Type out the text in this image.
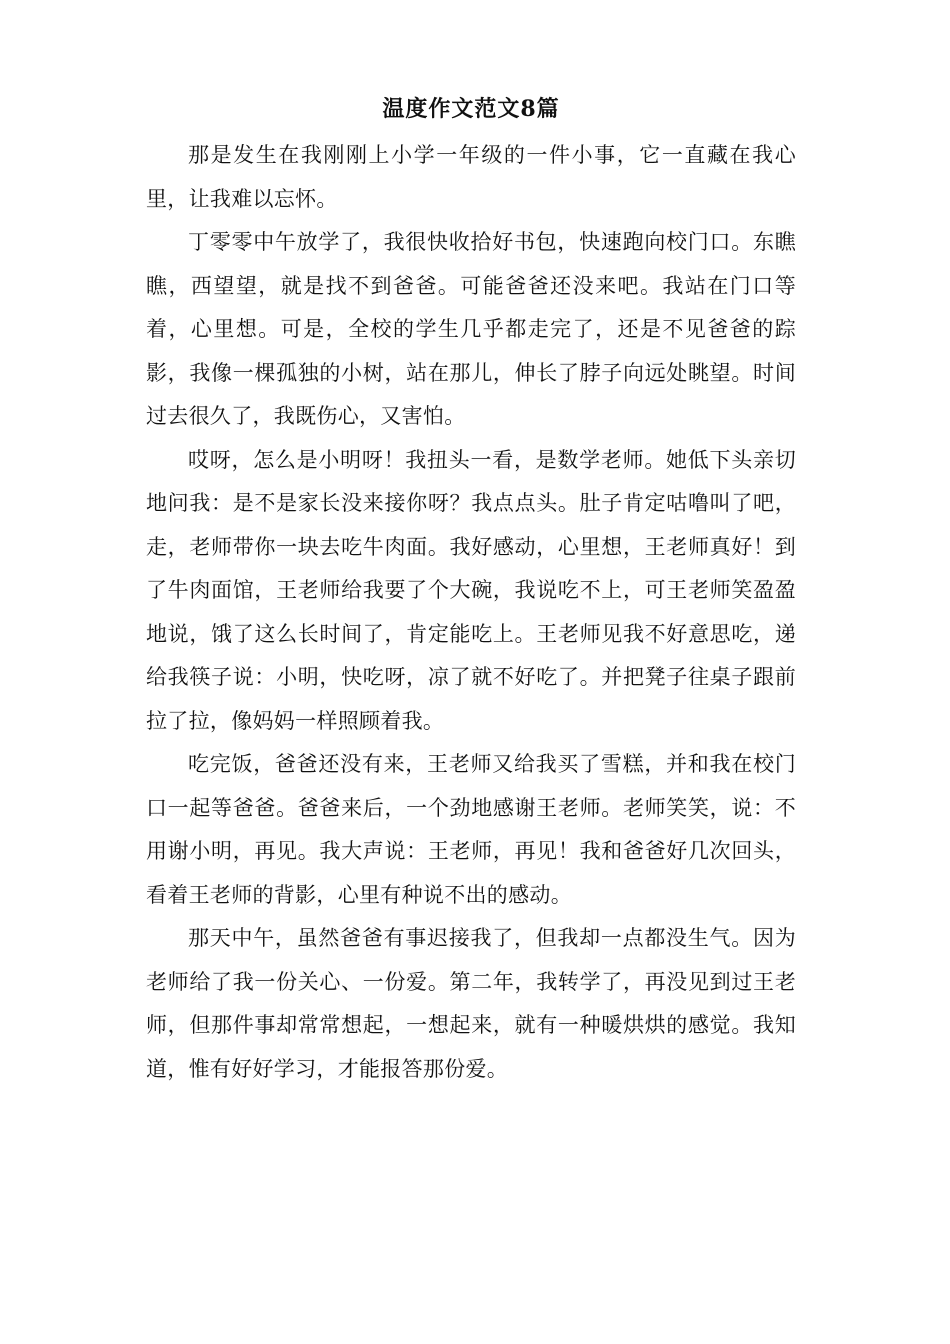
温度作文范文8篇

那是发生在我刚刚上小学一年级的一件小事，它一直藏在我心里，让我难以忘怀。

丁零零中午放学了，我很快收拾好书包，快速跑向校门口。东瞧瞧，西望望，就是找不到爸爸。可能爸爸还没来吧。我站在门口等着，心里想。可是，全校的学生几乎都走完了，还是不见爸爸的踪影，我像一棵孤独的小树，站在那儿，伸长了脖子向远处眺望。时间过去很久了，我既伤心，又害怕。

哎呀，怎么是小明呀！我扭头一看，是数学老师。她低下头亲切地问我：是不是家长没来接你呀？我点点头。肚子肯定咕噜叫了吧，走，老师带你一块去吃牛肉面。我好感动，心里想，王老师真好！到了牛肉面馆，王老师给我要了个大碗，我说吃不上，可王老师笑盈盈地说，饿了这么长时间了，肯定能吃上。王老师见我不好意思吃，递给我筷子说：小明，快吃呀，凉了就不好吃了。并把凳子往桌子跟前拉了拉，像妈妈一样照顾着我。

吃完饭，爸爸还没有来，王老师又给我买了雪糕，并和我在校门口一起等爸爸。爸爸来后，一个劲地感谢王老师。老师笑笑，说：不用谢小明，再见。我大声说：王老师，再见！我和爸爸好几次回头，看着王老师的背影，心里有种说不出的感动。

那天中午，虽然爸爸有事迟接我了，但我却一点都没生气。因为老师给了我一份关心、一份爱。第二年，我转学了，再没见到过王老师，但那件事却常常想起，一想起来，就有一种暖烘烘的感觉。我知道，惟有好好学习，才能报答那份爱。
